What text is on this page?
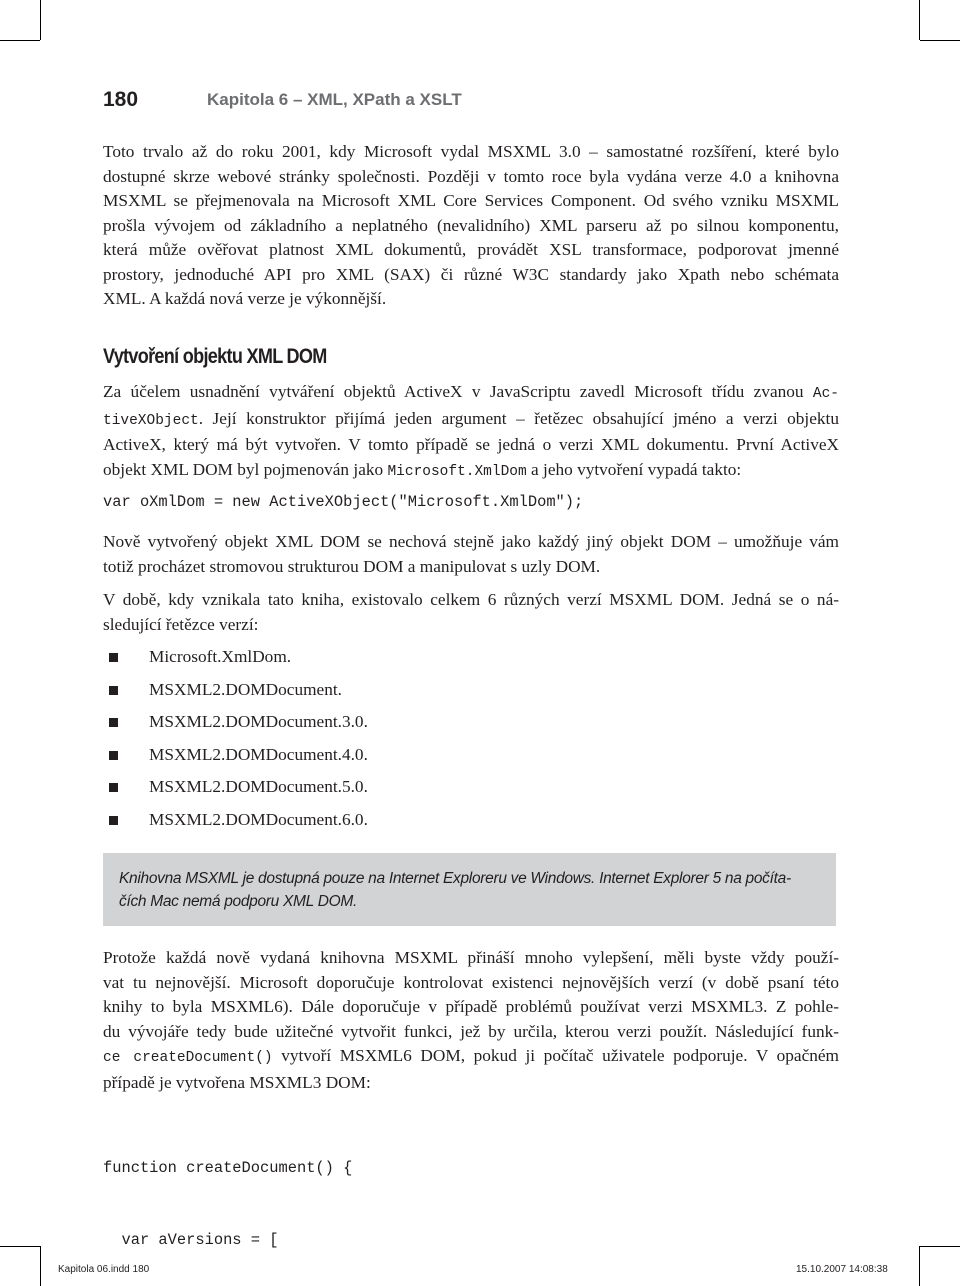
180	Kapitola 6 – XML, XPath a XSLT
Toto trvalo až do roku 2001, kdy Microsoft vydal MSXML 3.0 – samostatné rozšíření, které bylo
dostupné skrze webové stránky společnosti. Později v tomto roce byla vydána verze 4.0 a knihovna
MSXML se přejmenovala na Microsoft XML Core Services Component. Od svého vzniku MSXML
prošla vývojem od základního a neplatného (nevalidního) XML parseru až po silnou komponentu,
která může ověřovat platnost XML dokumentů, provádět XSL transformace, podporovat jmenné
prostory, jednoduché API pro XML (SAX) či různé W3C standardy jako Xpath nebo schémata
XML. A každá nová verze je výkonnější.
Vytvoření objektu XML DOM
Za účelem usnadnění vytváření objektů ActiveX v JavaScriptu zavedl Microsoft třídu zvanou Ac-
tiveXObject. Její konstruktor přijímá jeden argument – řetězec obsahující jméno a verzi objektu
ActiveX, který má být vytvořen. V tomto případě se jedná o verzi XML dokumentu. První ActiveX
objekt XML DOM byl pojmenován jako Microsoft.XmlDom a jeho vytvoření vypadá takto:
var oXmlDom = new ActiveXObject("Microsoft.XmlDom");
Nově vytvořený objekt XML DOM se nechová stejně jako každý jiný objekt DOM – umožňuje vám
totiž procházet stromovou strukturou DOM a manipulovat s uzly DOM.
V době, kdy vznikala tato kniha, existovalo celkem 6 různých verzí MSXML DOM. Jedná se o ná-
sledující řetězce verzí:
Microsoft.XmlDom.
MSXML2.DOMDocument.
MSXML2.DOMDocument.3.0.
MSXML2.DOMDocument.4.0.
MSXML2.DOMDocument.5.0.
MSXML2.DOMDocument.6.0.
Knihovna MSXML je dostupná pouze na Internet Exploreru ve Windows. Internet Explorer 5 na počíta-
čích Mac nemá podporu XML DOM.
Protože každá nově vydaná knihovna MSXML přináší mnoho vylepšení, měli byste vždy použí-
vat tu nejnovější. Microsoft doporučuje kontrolovat existenci nejnovějších verzí (v době psaní této
knihy to byla MSXML6). Dále doporučuje v případě problémů používat verzi MSXML3. Z pohle-
du vývojáře tedy bude užitečné vytvořit funkci, jež by určila, kterou verzi použít. Následující funk-
ce createDocument() vytvoří MSXML6 DOM, pokud ji počítač uživatele podporuje. V opačném
případě je vytvořena MSXML3 DOM:

function createDocument() {

var aVersions = [

Kapitola 06.indd 180	15.10.2007 14:08:38
